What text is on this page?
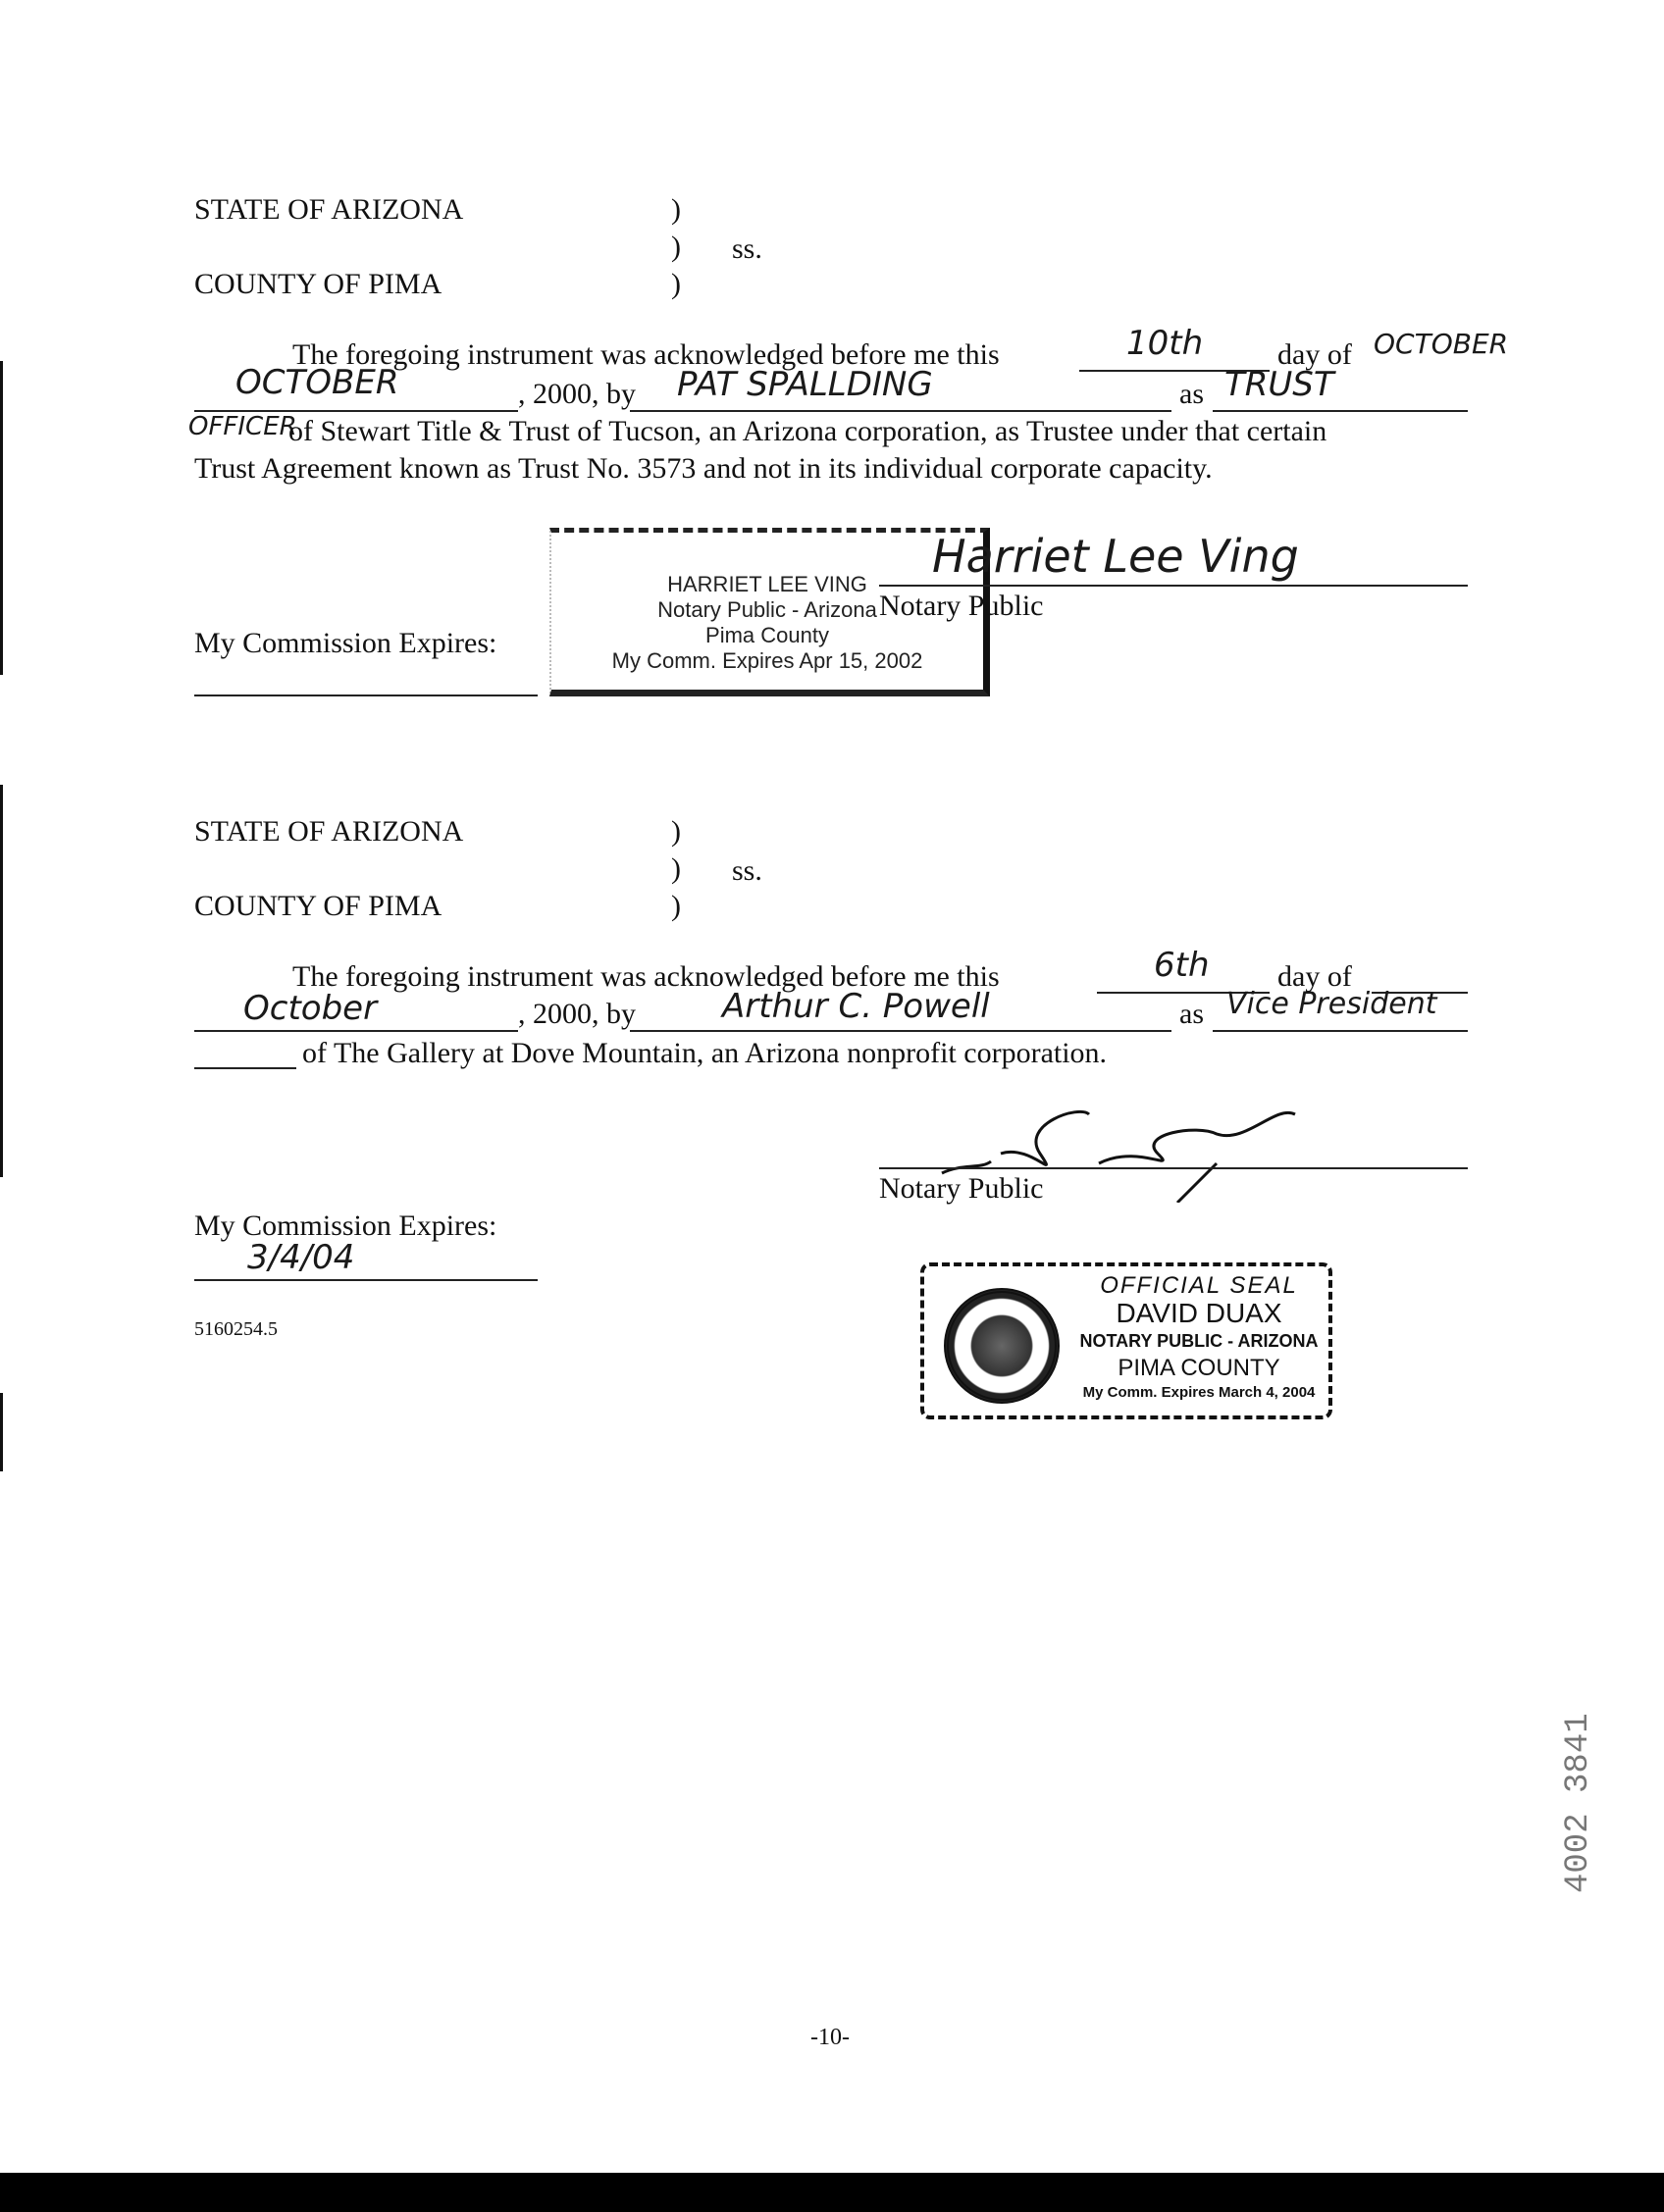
STATE OF ARIZONA	)
) ss.
COUNTY OF PIMA	)
The foregoing instrument was acknowledged before me this	10th	day of OCTOBER
OCTOBER	, 2000, by PAT SPALLDING	as TRUST
OFFICER
of Stewart Title & Trust of Tucson, an Arizona corporation, as Trustee under that certain
Trust Agreement known as Trust No. 3573 and not in its individual corporate capacity.
HARRIET LEE VING
Notary Public - Arizona
Pima County
My Comm. Expires Apr 15, 2002
Harriet Lee Ving
Notary Public
My Commission Expires:
STATE OF ARIZONA	)
) ss.
COUNTY OF PIMA	)
The foregoing instrument was acknowledged before me this	6th day of
October	, 2000, by	Arthur C. Powell	as Vice President
of The Gallery at Dove Mountain, an Arizona nonprofit corporation.
Notary Public
My Commission Expires:
3/4/04
5160254.5
OFFICIAL SEAL
DAVID DUAX
NOTARY PUBLIC - ARIZONA
PIMA COUNTY
My Comm. Expires March 4, 2004
4002 3841
-10-
